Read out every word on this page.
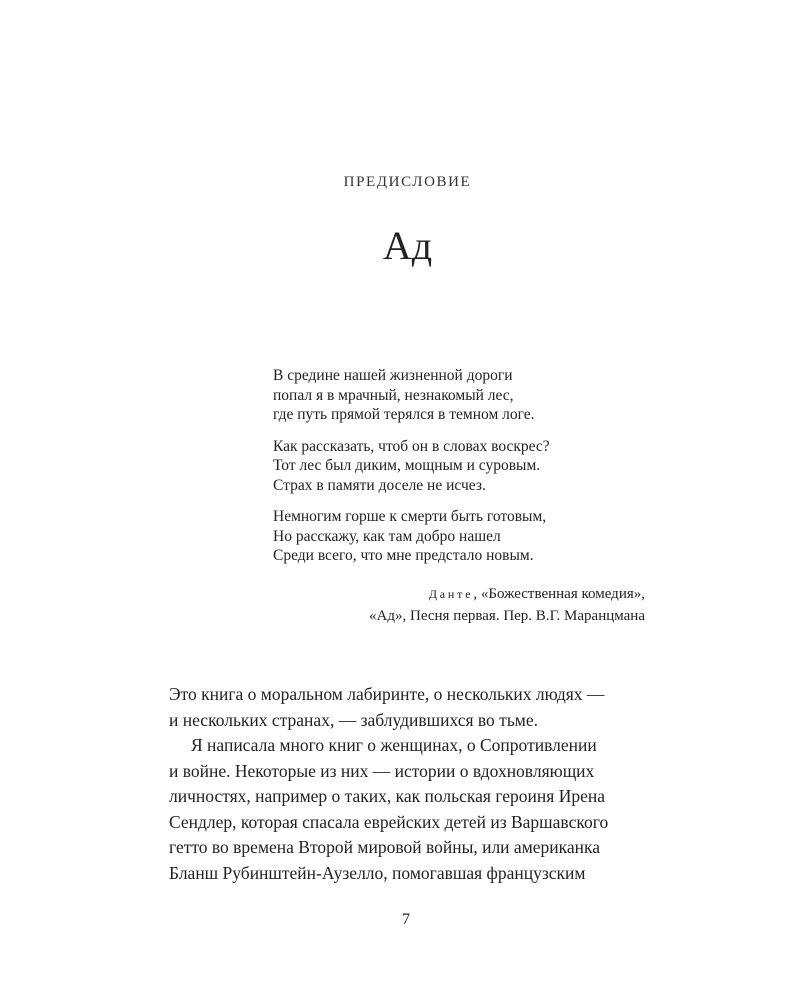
ПРЕДИСЛОВИЕ
Ад
В средине нашей жизненной дороги
попал я в мрачный, незнакомый лес,
где путь прямой терялся в темном логе.
Как рассказать, чтоб он в словах воскрес?
Тот лес был диким, мощным и суровым.
Страх в памяти доселе не исчез.
Немногим горше к смерти быть готовым,
Но расскажу, как там добро нашел
Среди всего, что мне предстало новым.
Данте, «Божественная комедия»,
«Ад», Песня первая. Пер. В.Г. Маранцмана
Это книга о моральном лабиринте, о нескольких людях —
и нескольких странах, — заблудившихся во тьме.
Я написала много книг о женщинах, о Сопротивлении
и войне. Некоторые из них — истории о вдохновляющих
личностях, например о таких, как польская героиня Ирена
Сендлер, которая спасала еврейских детей из Варшавского
гетто во времена Второй мировой войны, или американка
Бланш Рубинштейн-Аузелло, помогавшая французским
7
